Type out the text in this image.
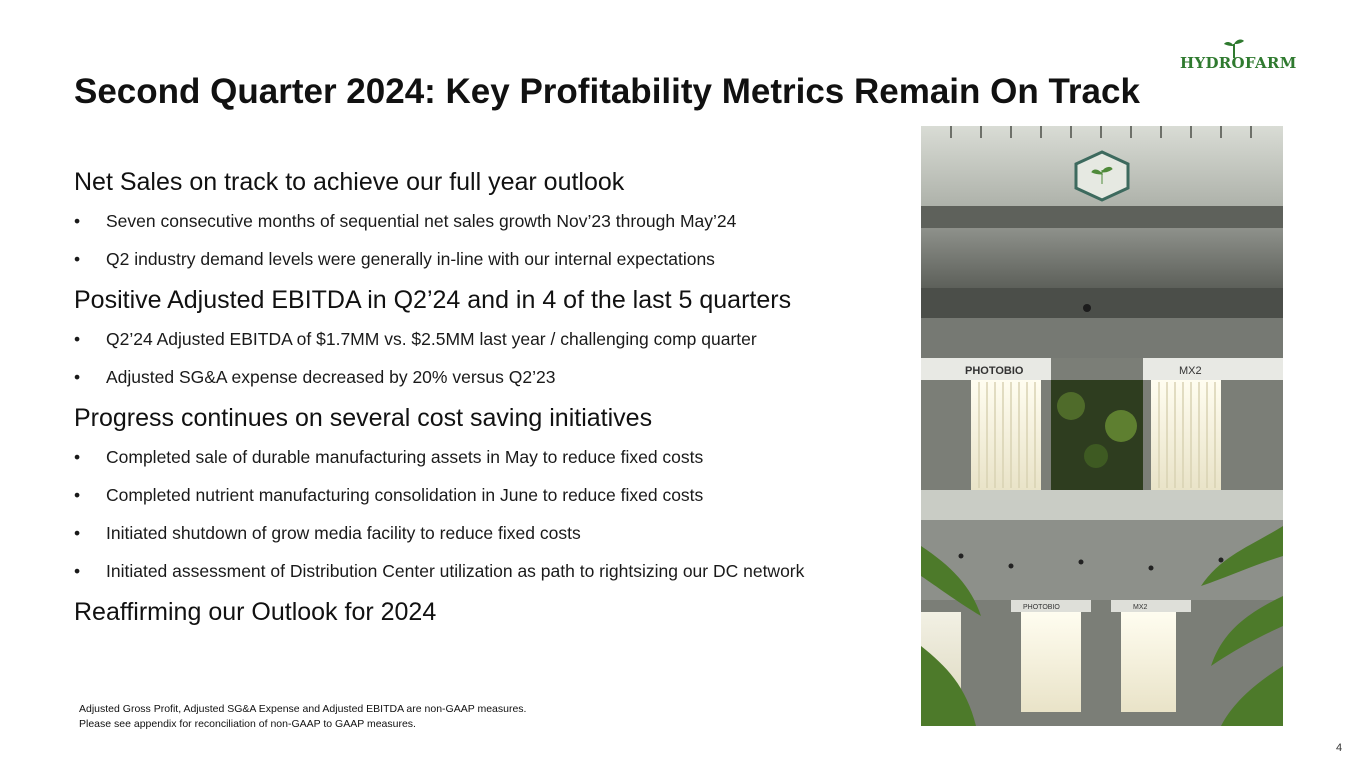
HYDROFARM
Second Quarter 2024: Key Profitability Metrics Remain On Track
Net Sales on track to achieve our full year outlook
• Seven consecutive months of sequential net sales growth Nov’23 through May’24
• Q2 industry demand levels were generally in-line with our internal expectations
Positive Adjusted EBITDA in Q2’24 and in 4 of the last 5 quarters
• Q2’24 Adjusted EBITDA of $1.7MM vs. $2.5MM last year / challenging comp quarter
• Adjusted SG&A expense decreased by 20% versus Q2’23
Progress continues on several cost saving initiatives
• Completed sale of durable manufacturing assets in May to reduce fixed costs
• Completed nutrient manufacturing consolidation in June to reduce fixed costs
• Initiated shutdown of grow media facility to reduce fixed costs
• Initiated assessment of Distribution Center utilization as path to rightsizing our DC network
Reaffirming our Outlook for 2024
PHOTOBIO	MX2
PHOTOBIO	MX2
Adjusted Gross Profit, Adjusted SG&A Expense and Adjusted EBITDA are non-GAAP measures.
Please see appendix for reconciliation of non-GAAP to GAAP measures.
4
